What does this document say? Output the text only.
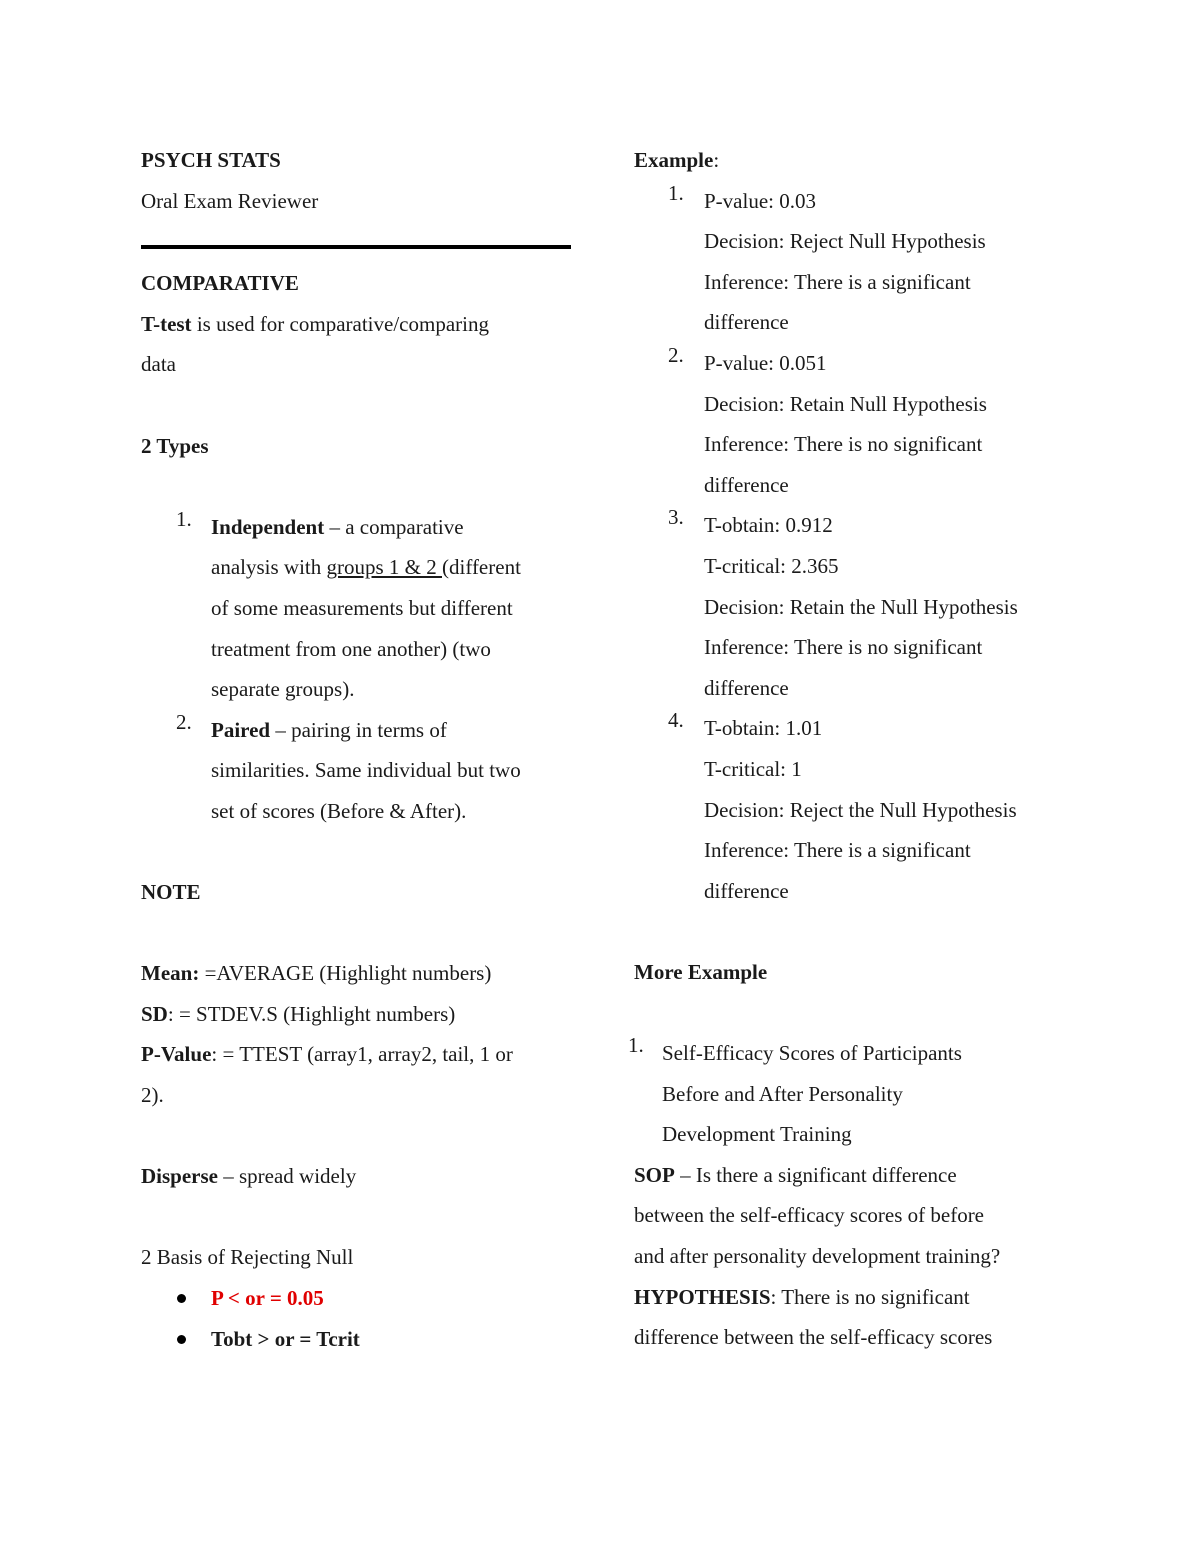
PSYCH STATS
Oral Exam Reviewer
COMPARATIVE
T-test is used for comparative/comparing
data
2 Types
1. Independent – a comparative
analysis with groups 1 & 2 (different
of some measurements but different
treatment from one another) (two
separate groups).
2. Paired – pairing in terms of
similarities. Same individual but two
set of scores (Before & After).
NOTE
Mean: =AVERAGE (Highlight numbers)
SD: = STDEV.S (Highlight numbers)
P-Value: = TTEST (array1, array2, tail, 1 or
2).
Disperse – spread widely
2 Basis of Rejecting Null
P < or = 0.05
Tobt > or = Tcrit
Example:
1. P-value: 0.03
Decision: Reject Null Hypothesis
Inference: There is a significant
difference
2. P-value: 0.051
Decision: Retain Null Hypothesis
Inference: There is no significant
difference
3. T-obtain: 0.912
T-critical: 2.365
Decision: Retain the Null Hypothesis
Inference: There is no significant
difference
4. T-obtain: 1.01
T-critical: 1
Decision: Reject the Null Hypothesis
Inference: There is a significant
difference
More Example
1. Self-Efficacy Scores of Participants
Before and After Personality
Development Training
SOP – Is there a significant difference
between the self-efficacy scores of before
and after personality development training?
HYPOTHESIS: There is no significant
difference between the self-efficacy scores
